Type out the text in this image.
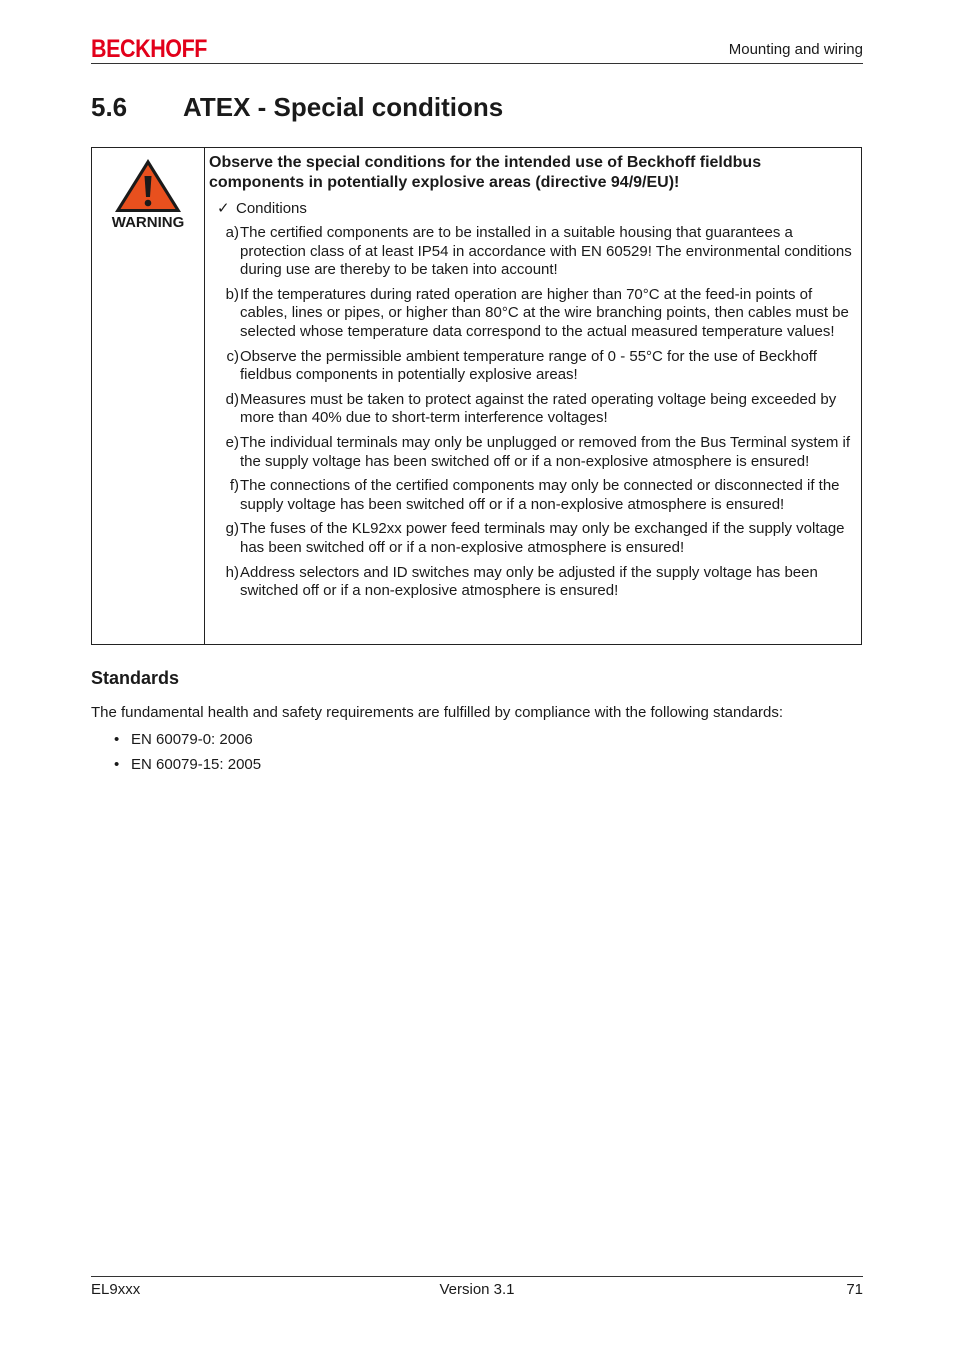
BECKHOFF	Mounting and wiring
5.6 ATEX - Special conditions
WARNING

Observe the special conditions for the intended use of Beckhoff fieldbus components in potentially explosive areas (directive 94/9/EU)!

✓ Conditions
a) The certified components are to be installed in a suitable housing that guarantees a protection class of at least IP54 in accordance with EN 60529! The environmental conditions during use are thereby to be taken into account!
b) If the temperatures during rated operation are higher than 70°C at the feed-in points of cables, lines or pipes, or higher than 80°C at the wire branching points, then cables must be selected whose temperature data correspond to the actual measured temperature values!
c) Observe the permissible ambient temperature range of 0 - 55°C for the use of Beckhoff fieldbus components in potentially explosive areas!
d) Measures must be taken to protect against the rated operating voltage being exceeded by more than 40% due to short-term interference voltages!
e) The individual terminals may only be unplugged or removed from the Bus Terminal system if the supply voltage has been switched off or if a non-explosive atmosphere is ensured!
f) The connections of the certified components may only be connected or disconnected if the supply voltage has been switched off or if a non-explosive atmosphere is ensured!
g) The fuses of the KL92xx power feed terminals may only be exchanged if the supply voltage has been switched off or if a non-explosive atmosphere is ensured!
h) Address selectors and ID switches may only be adjusted if the supply voltage has been switched off or if a non-explosive atmosphere is ensured!
Standards

The fundamental health and safety requirements are fulfilled by compliance with the following standards:

• EN 60079-0: 2006
• EN 60079-15: 2005
EL9xxx	Version 3.1	71
